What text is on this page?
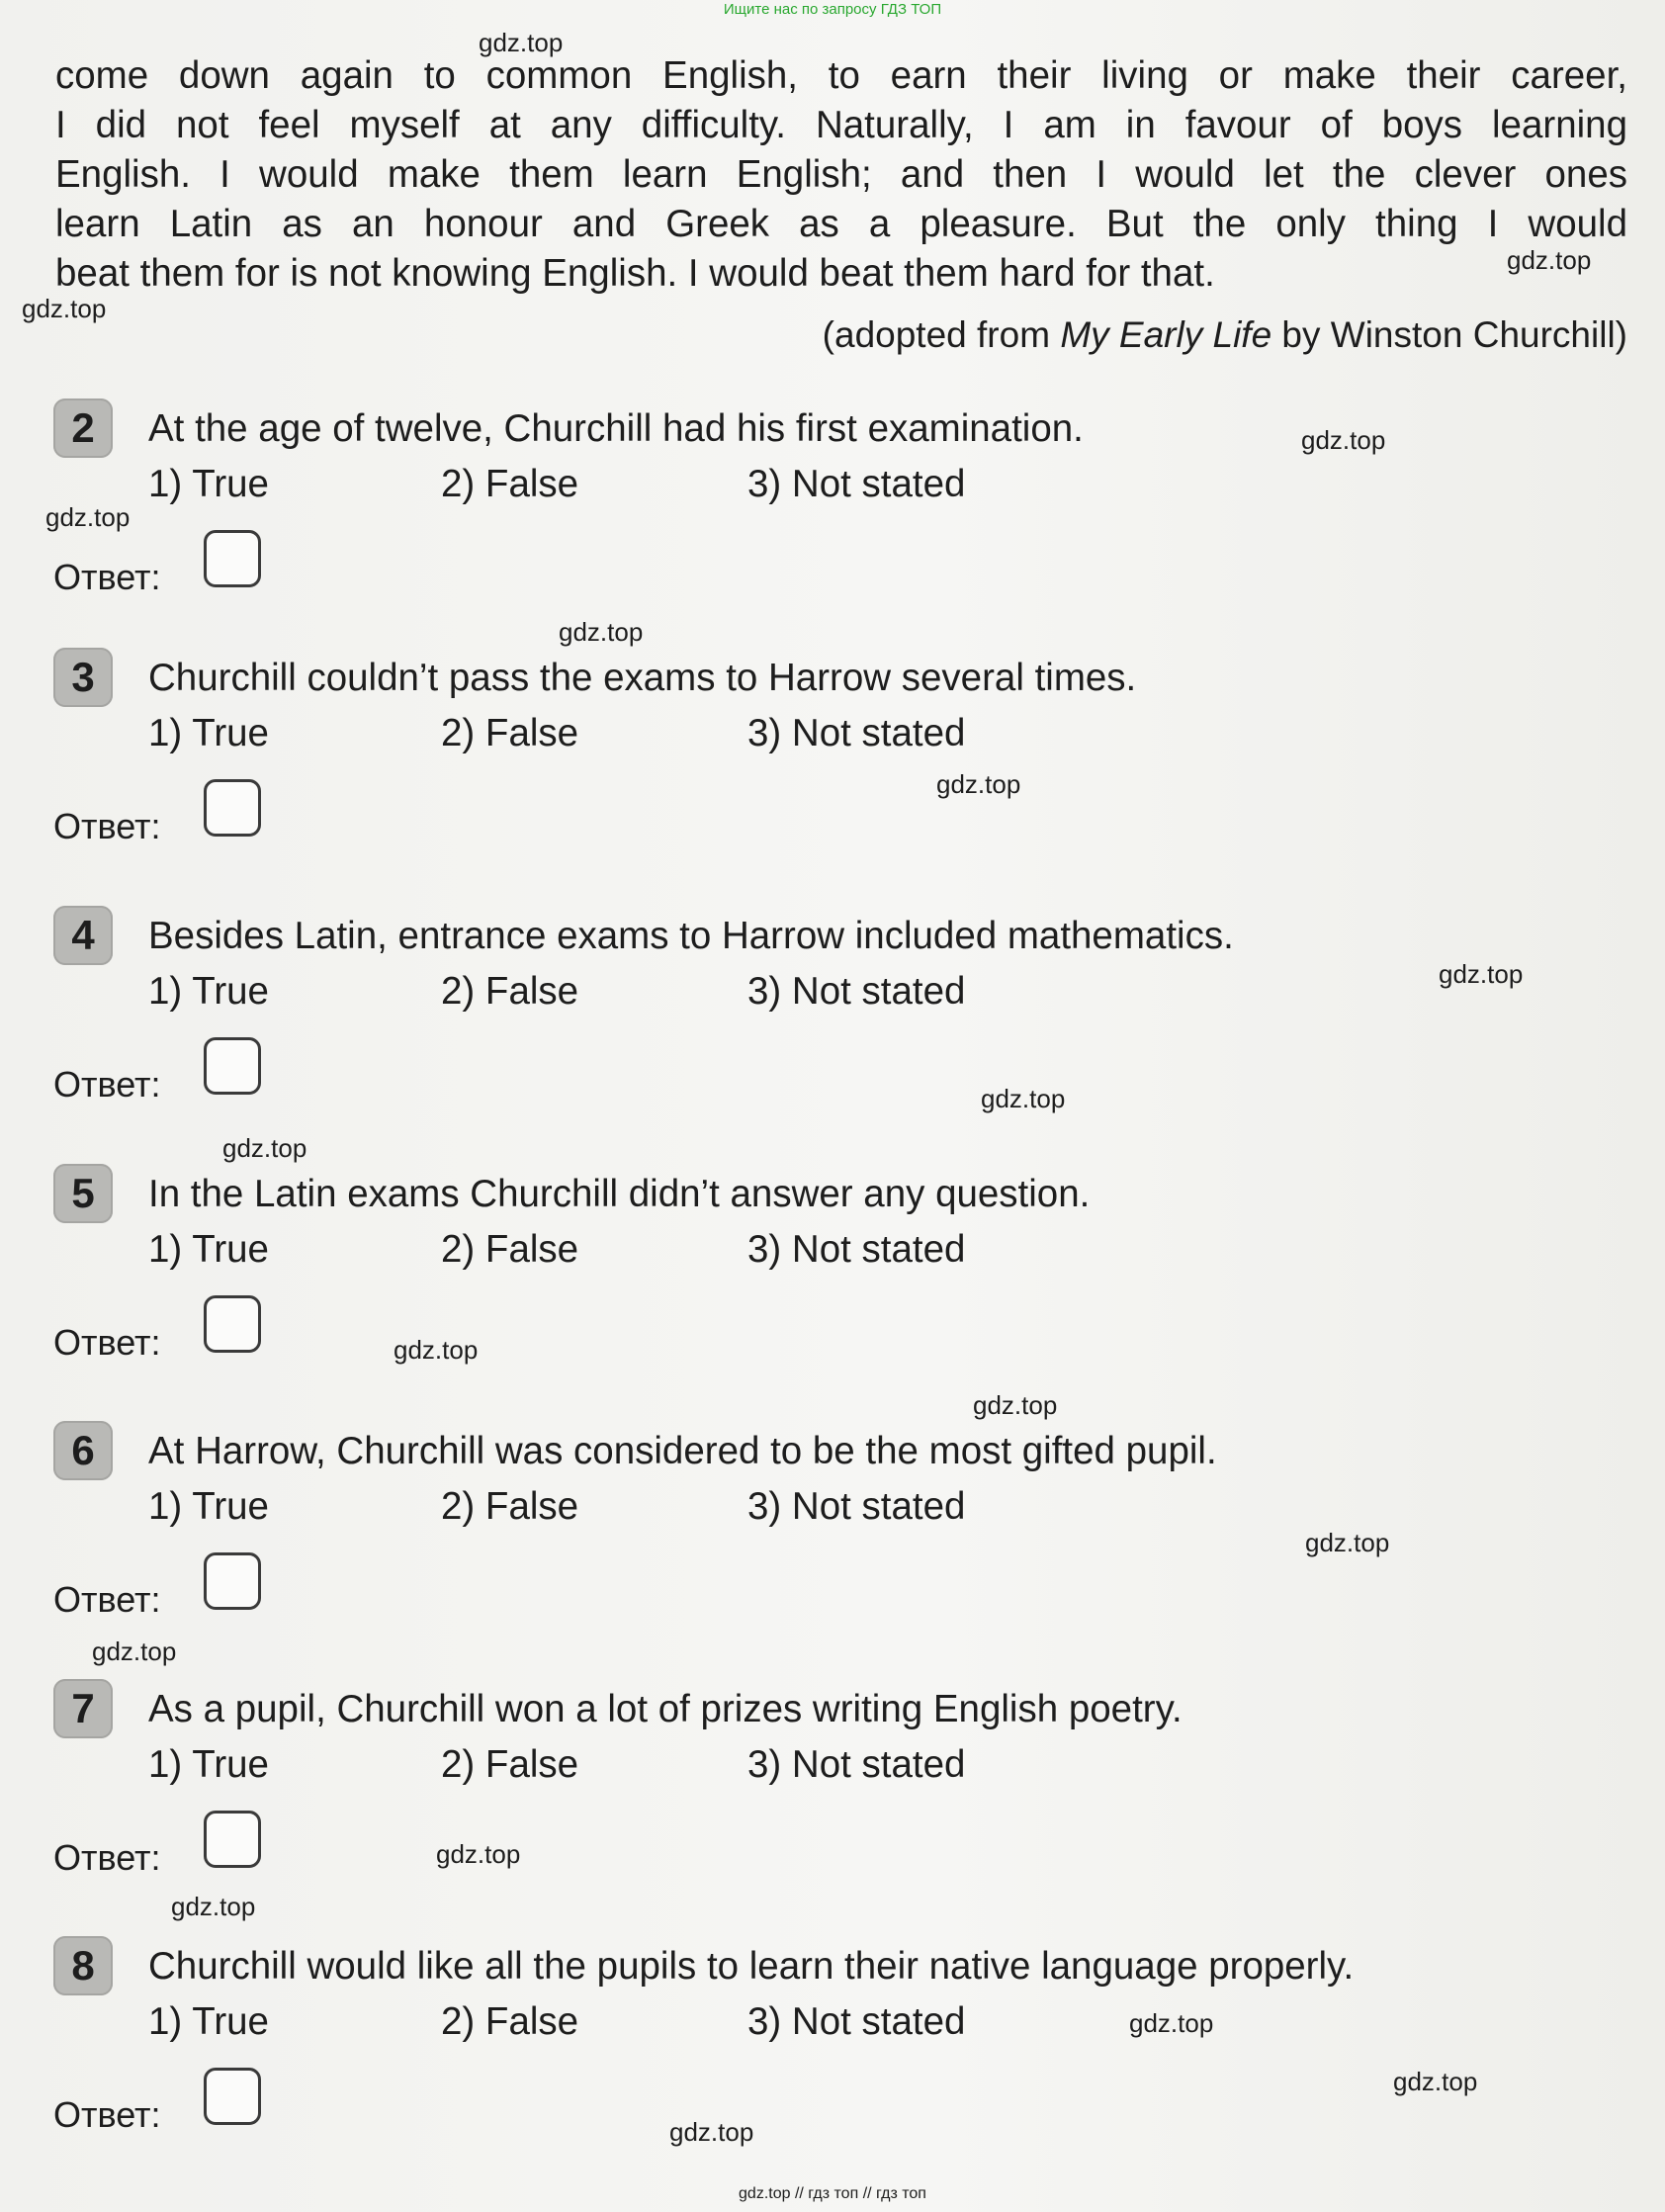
Ищите нас по запросу ГДЗ ТОП
come down again to common English, to earn their living or make their career,
I did not feel myself at any difficulty. Naturally, I am in favour of boys learning
English. I would make them learn English; and then I would let the clever ones
learn Latin as an honour and Greek as a pleasure. But the only thing I would
beat them for is not knowing English. I would beat them hard for that.
(adopted from My Early Life by Winston Churchill)
2	At the age of twelve, Churchill had his first examination.
1) True	2) False	3) Not stated
Ответ:
3	Churchill couldn’t pass the exams to Harrow several times.
1) True	2) False	3) Not stated
Ответ:
4	Besides Latin, entrance exams to Harrow included mathematics.
1) True	2) False	3) Not stated
Ответ:
5	In the Latin exams Churchill didn’t answer any question.
1) True	2) False	3) Not stated
Ответ:
6	At Harrow, Churchill was considered to be the most gifted pupil.
1) True	2) False	3) Not stated
Ответ:
7	As a pupil, Churchill won a lot of prizes writing English poetry.
1) True	2) False	3) Not stated
Ответ:
8	Churchill would like all the pupils to learn their native language properly.
1) True	2) False	3) Not stated
Ответ:
gdz.top
gdz.top
gdz.top
gdz.top
gdz.top
gdz.top
gdz.top
gdz.top
gdz.top
gdz.top
gdz.top
gdz.top
gdz.top
gdz.top
gdz.top
gdz.top
gdz.top
gdz.top
gdz.top
gdz.top // гдз топ // гдз топ
